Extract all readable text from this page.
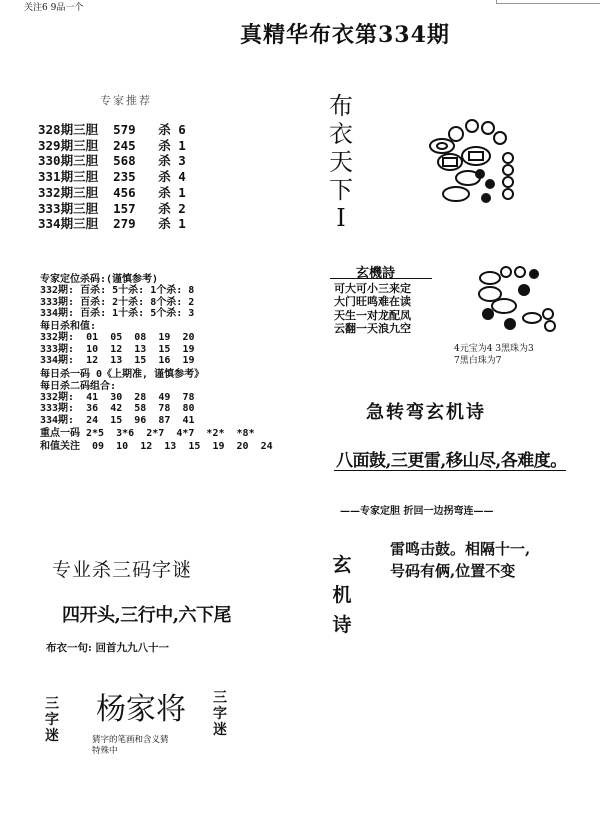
关注6 9品一个
真精华布衣第334期
专家推荐
328期三胆  579   杀 6
329期三胆  245   杀 1
330期三胆  568   杀 3
331期三胆  235   杀 4
332期三胆  456   杀 1
333期三胆  157   杀 2
334期三胆  279   杀 1
布
衣
天
下
I
专家定位杀码:(谨慎参考)
332期: 百杀: 5十杀: 1个杀: 8
333期: 百杀: 2十杀: 8个杀: 2
334期: 百杀: 1十杀: 5个杀: 3
每日杀和值:
332期:  01  05  08  19  20
333期:  10  12  13  15  19
334期:  12  13  15  16  19
每日杀一码 0《上期准, 谨慎参考》
每日杀二码组合:
332期:  41  30  28  49  78
333期:  36  42  58  78  80
334期:  24  15  96  87  41
重点一码 2*5  3*6  2*7  4*7  *2*  *8*
和值关注  09  10  12  13  15  19  20  24
玄機詩
可大可小三来定
大门旺鸣难在读
天生一对龙配凤
云翻一天浪九空
4元宝为4 3黑珠为3
7黑白珠为7
急转弯玄机诗
八面鼓,三更雷,移山尽,各难度。
——专家定胆 折回一边拐弯连——
玄
机
诗
雷鸣击鼓。相隔十一,
号码有俩,位置不变
专业杀三码字谜
四开头,三行中,六下尾
布衣一句: 回首九九八十一
三
字
迷
杨家将
猜字的笔画和含义猜
特殊中
三
字
迷
